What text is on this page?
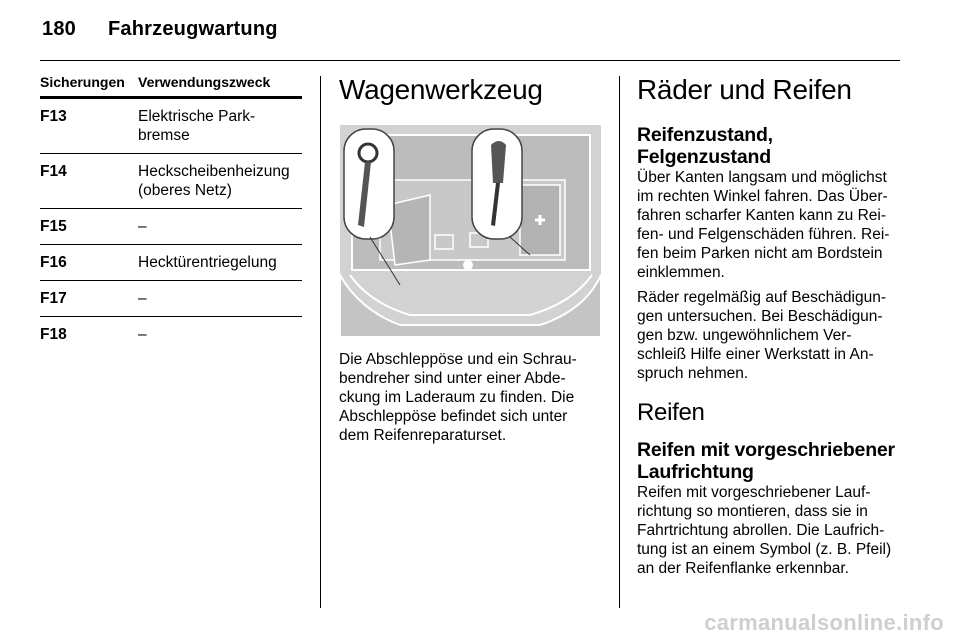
180 Fahrzeugwartung
Sicherungen Verwendungszweck
F13	Elektrische Park-
bremse
F14	Heckscheibenheizung
(oberes Netz)
F15	–
F16	Hecktürentriegelung
F17	–
F18	–
Wagenwerkzeug
Die Abschleppöse und ein Schrau-
bendreher sind unter einer Abde-
ckung im Laderaum zu finden. Die
Abschleppöse befindet sich unter
dem Reifenreparaturset.
Räder und Reifen
Reifenzustand, Felgenzustand
Über Kanten langsam und möglichst
im rechten Winkel fahren. Das Über-
fahren scharfer Kanten kann zu Rei-
fen- und Felgenschäden führen. Rei-
fen beim Parken nicht am Bordstein
einklemmen.
Räder regelmäßig auf Beschädigun-
gen untersuchen. Bei Beschädigun-
gen bzw. ungewöhnlichem Ver-
schleiß Hilfe einer Werkstatt in An-
spruch nehmen.
Reifen
Reifen mit vorgeschriebener
Laufrichtung
Reifen mit vorgeschriebener Lauf-
richtung so montieren, dass sie in
Fahrtrichtung abrollen. Die Laufrich-
tung ist an einem Symbol (z. B. Pfeil)
an der Reifenflanke erkennbar.
carmanualsonline.info
